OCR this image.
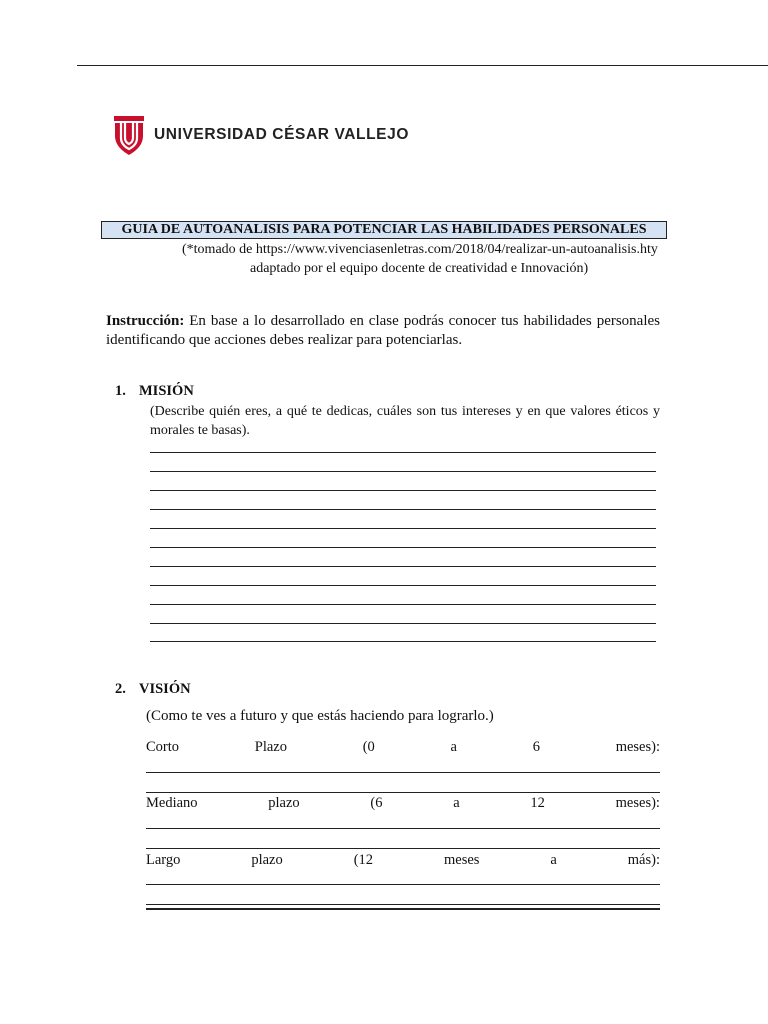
UNIVERSIDAD CÉSAR VALLEJO
GUIA DE AUTOANALISIS PARA POTENCIAR LAS HABILIDADES PERSONALES
(*tomado de https://www.vivenciasenletras.com/2018/04/realizar-un-autoanalisis.hty
adaptado por el equipo docente de creatividad e Innovación)
Instrucción: En base a lo desarrollado en clase podrás conocer tus habilidades personales identificando que acciones debes realizar para potenciarlas.
1. MISIÓN
(Describe quién eres, a qué te dedicas, cuáles son tus intereses y en que valores éticos y morales te basas).
2. VISIÓN
(Como te ves a futuro y que estás haciendo para lograrlo.)
Corto	Plazo	(0	a	6	meses):
Mediano	plazo	(6	a	12	meses):
Largo	plazo	(12	meses	a	más):
